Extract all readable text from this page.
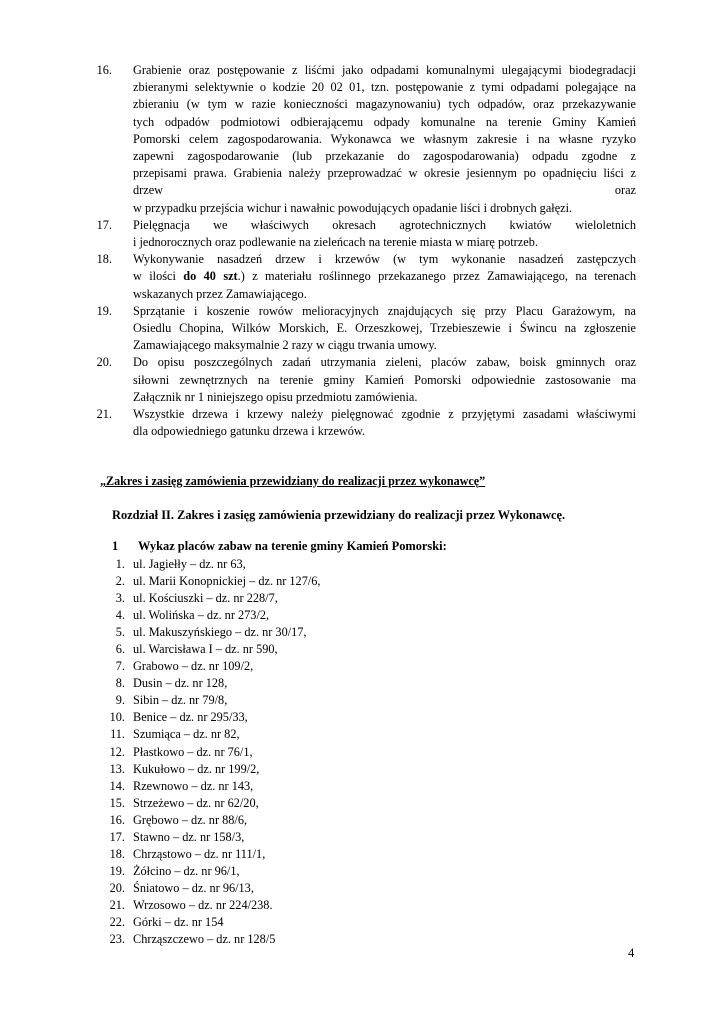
16. Grabienie oraz postępowanie z liśćmi jako odpadami komunalnymi ulegającymi biodegradacji
zbieranymi selektywnie o kodzie 20 02 01, tzn. postępowanie z tymi odpadami polegające na
zbieraniu (w tym w razie konieczności magazynowaniu) tych odpadów, oraz przekazywanie
tych odpadów podmiotowi odbierającemu odpady komunalne na terenie Gminy Kamień
Pomorski celem zagospodarowania. Wykonawca we własnym zakresie i na własne ryzyko
zapewni zagospodarowanie (lub przekazanie do zagospodarowania) odpadu zgodne z
przepisami prawa. Grabienia należy przeprowadzać w okresie jesiennym po opadnięciu liści z
drzew oraz
w przypadku przejścia wichur i nawałnic powodujących opadanie liści i drobnych gałęzi.
17. Pielęgnacja we właściwych okresach agrotechnicznych kwiatów wieloletnich
i jednorocznych oraz podlewanie na zieleńcach na terenie miasta w miarę potrzeb.
18. Wykonywanie nasadzeń drzew i krzewów (w tym wykonanie nasadzeń zastępczych
w ilości do 40 szt.) z materiału roślinnego przekazanego przez Zamawiającego, na terenach
wskazanych przez Zamawiającego.
19. Sprzątanie i koszenie rowów melioracyjnych znajdujących się przy Placu Garażowym, na
Osiedlu Chopina, Wilków Morskich, E. Orzeszkowej, Trzebieszewie i Świncu na zgłoszenie
Zamawiającego maksymalnie 2 razy w ciągu trwania umowy.
20. Do opisu poszczególnych zadań utrzymania zieleni, placów zabaw, boisk gminnych oraz
siłowni zewnętrznych na terenie gminy Kamień Pomorski odpowiednie zastosowanie ma
Załącznik nr 1 niniejszego opisu przedmiotu zamówienia.
21. Wszystkie drzewa i krzewy należy pielęgnować zgodnie z przyjętymi zasadami właściwymi
dla odpowiedniego gatunku drzewa i krzewów.
„Zakres i zasięg zamówienia przewidziany do realizacji przez wykonawcę”
Rozdział II. Zakres i zasięg zamówienia przewidziany do realizacji przez Wykonawcę.
1 Wykaz placów zabaw na terenie gminy Kamień Pomorski:
1. ul. Jagiełły – dz. nr 63,
2. ul. Marii Konopnickiej – dz. nr 127/6,
3. ul. Kościuszki – dz. nr 228/7,
4. ul. Wolińska – dz. nr 273/2,
5. ul. Makuszyńskiego – dz. nr 30/17,
6. ul. Warcisława I – dz. nr 590,
7. Grabowo – dz. nr 109/2,
8. Dusin – dz. nr 128,
9. Sibin – dz. nr 79/8,
10. Benice – dz. nr 295/33,
11. Szumiąca – dz. nr 82,
12. Płastkowo – dz. nr 76/1,
13. Kukułowo – dz. nr 199/2,
14. Rzewnowo – dz. nr 143,
15. Strzeżewo – dz. nr 62/20,
16. Grębowo – dz. nr 88/6,
17. Stawno – dz. nr 158/3,
18. Chrząstowo – dz. nr 111/1,
19. Żółcino – dz. nr 96/1,
20. Śniatowo – dz. nr 96/13,
21. Wrzosowo – dz. nr 224/238.
22. Górki – dz. nr 154
23. Chrząszczewo – dz. nr 128/5
4
